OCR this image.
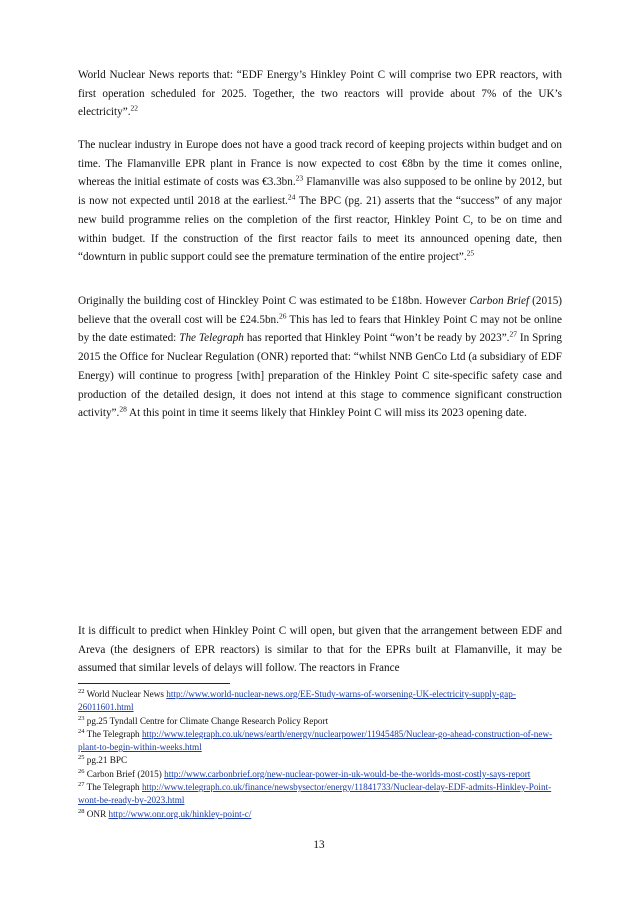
World Nuclear News reports that: “EDF Energy’s Hinkley Point C will comprise two EPR reactors, with first operation scheduled for 2025. Together, the two reactors will provide about 7% of the UK’s electricity”.$^{22}$

The nuclear industry in Europe does not have a good track record of keeping projects within budget and on time. The Flamanville EPR plant in France is now expected to cost €8bn by the time it comes online, whereas the initial estimate of costs was €3.3bn.$^{23}$ Flamanville was also supposed to be online by 2012, but is now not expected until 2018 at the earliest.$^{24}$ The BPC (pg. 21) asserts that the “success” of any major new build programme relies on the completion of the first reactor, Hinkley Point C, to be on time and within budget. If the construction of the first reactor fails to meet its announced opening date, then “downturn in public support could see the premature termination of the entire project”.$^{25}$

Originally the building cost of Hinckley Point C was estimated to be £18bn. However Carbon Brief (2015) believe that the overall cost will be £24.5bn.$^{26}$ This has led to fears that Hinkley Point C may not be online by the date estimated: The Telegraph has reported that Hinkley Point “won’t be ready by 2023”.$^{27}$ In Spring 2015 the Office for Nuclear Regulation (ONR) reported that: “whilst NNB GenCo Ltd (a subsidiary of EDF Energy) will continue to progress [with] preparation of the Hinkley Point C site-specific safety case and production of the detailed design, it does not intend at this stage to commence significant construction activity”.$^{28}$ At this point in time it seems likely that Hinkley Point C will miss its 2023 opening date.

It is difficult to predict when Hinkley Point C will open, but given that the arrangement between EDF and Areva (the designers of EPR reactors) is similar to that for the EPRs built at Flamanville, it may be assumed that similar levels of delays will follow. The reactors in France

$^{22}$ World Nuclear News http://www.world-nuclear-news.org/EE-Study-warns-of-worsening-UK-electricity-supply-gap-26011601.html

$^{23}$ pg.25 Tyndall Centre for Climate Change Research Policy Report

$^{24}$ The Telegraph http://www.telegraph.co.uk/news/earth/energy/nuclearpower/11945485/Nuclear-go-ahead-construction-of-new-plant-to-begin-within-weeks.html

$^{25}$ pg.21 BPC

$^{26}$ Carbon Brief (2015) http://www.carbonbrief.org/new-nuclear-power-in-uk-would-be-the-worlds-most-costly-says-report

$^{27}$ The Telegraph http://www.telegraph.co.uk/finance/newsbysector/energy/11841733/Nuclear-delay-EDF-admits-Hinkley-Point-wont-be-ready-by-2023.html

$^{28}$ ONR http://www.onr.org.uk/hinkley-point-c/

13
